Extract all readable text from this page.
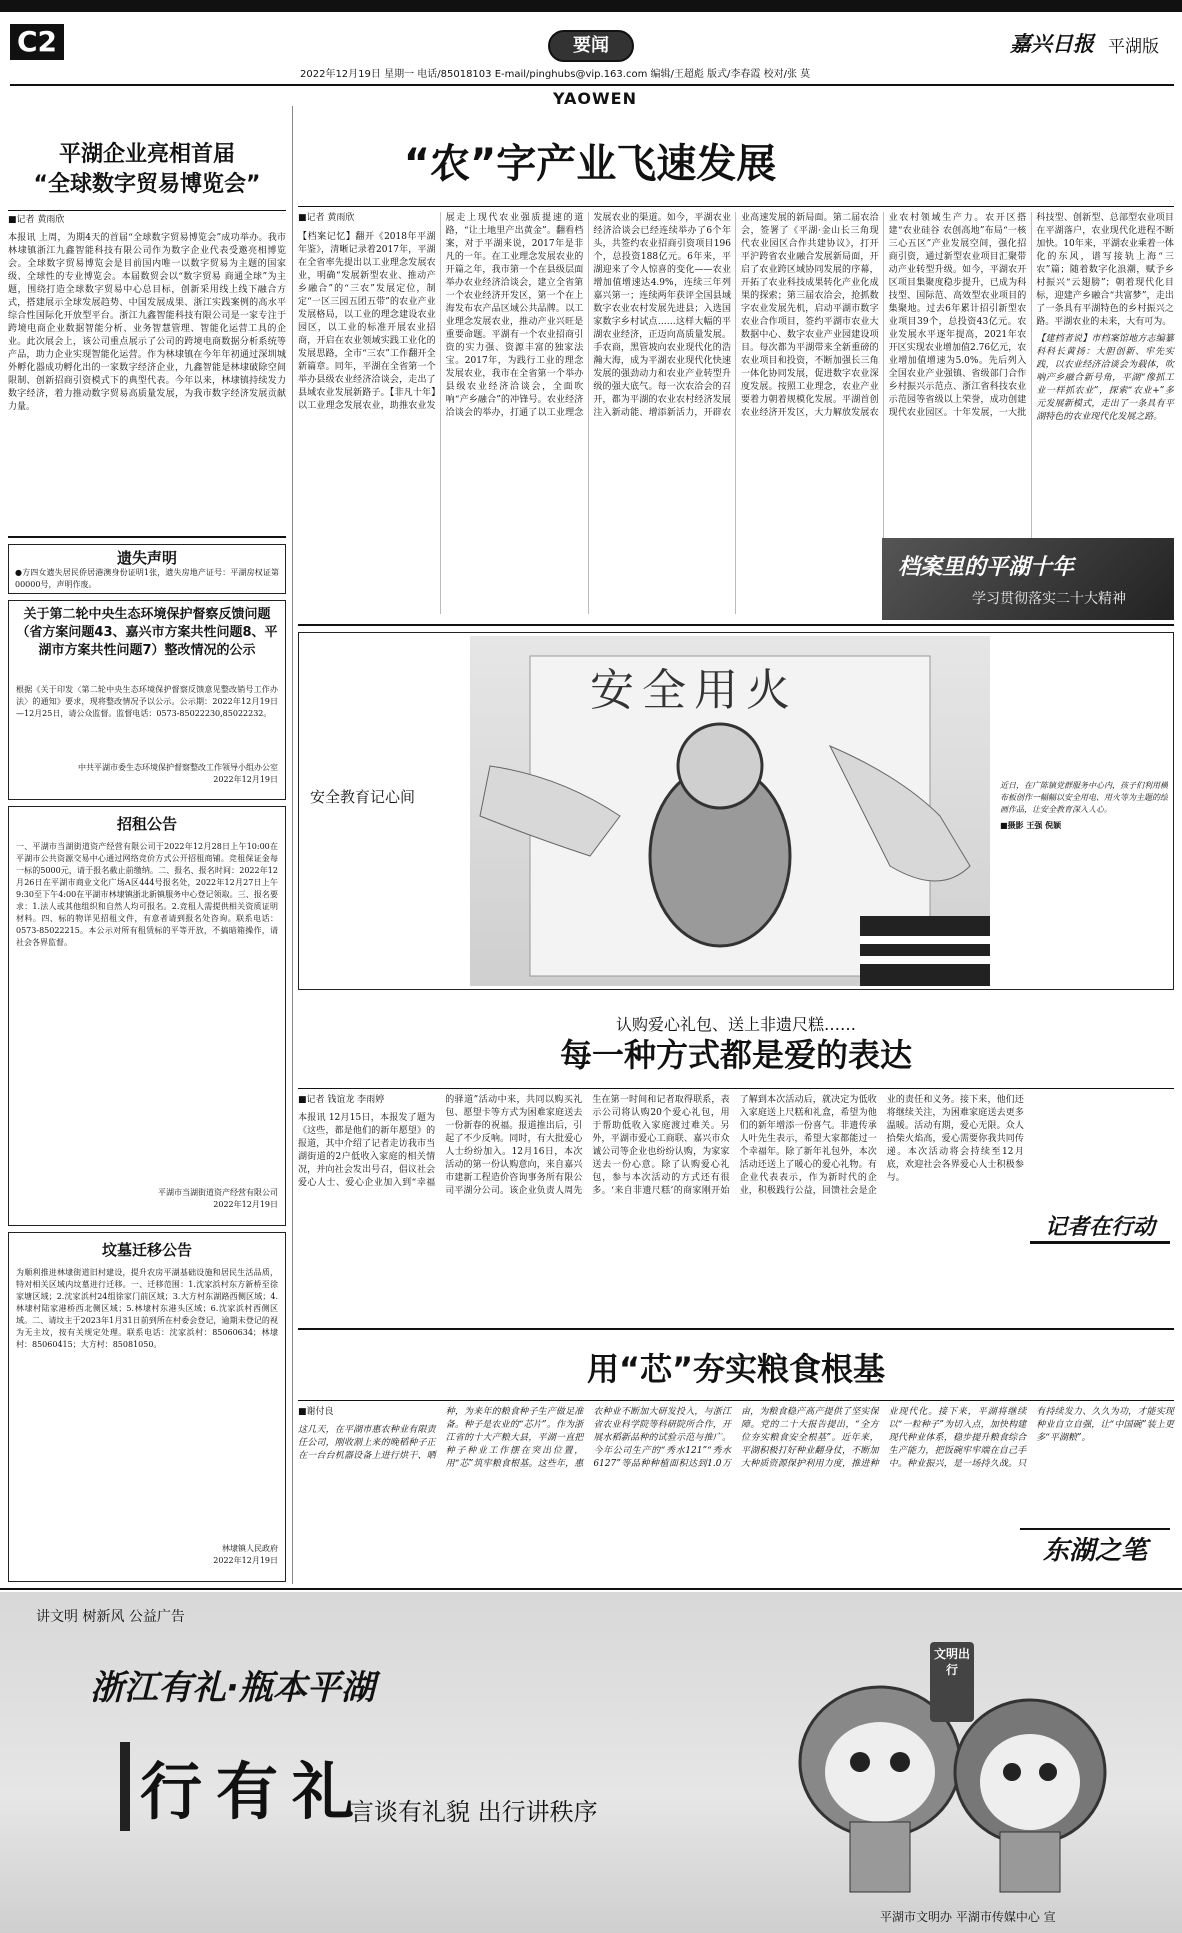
C2	要闻
2022年12月19日 星期一 电话/85018103 E-mail/pinghubs@vip.163.com 编辑/王超彪 版式/李春霞 校对/张 莫
嘉兴日报 平湖版
YAOWEN
平湖企业亮相首届
“全球数字贸易博览会”
■记者 黄雨欣
本报讯 上周，为期4天的首届“全球数字贸易博览会”成功举办。我市林埭镇浙江九鑫智能科技有限公司作为数字企业代表受邀亮相博览会。全球数字贸易博览会是目前国内唯一以数字贸易为主题的国家级、全球性的专业博览会。本届数贸会以“数字贸易 商通全球”为主题，围绕打造全球数字贸易中心总目标，创新采用线上线下融合方式，搭建展示全球发展趋势、中国发展成果、浙江实践案例的高水平综合性国际化开放型平台。浙江九鑫智能科技有限公司是一家专注于跨境电商企业数据智能分析、业务智慧管理、智能化运营工具的企业。此次展会上，该公司重点展示了公司的跨境电商数据分析系统等产品，助力企业实现智能化运营。作为林埭镇在今年年初通过深圳城外孵化器成功孵化出的一家数字经济企业，九鑫智能是林埭破除空间限制、创新招商引资模式下的典型代表。今年以来，林埭镇持续发力数字经济，着力推动数字贸易高质量发展，为我市数字经济发展贡献力量。
遗失声明
●方四女遗失居民侨居港澳身份证明1张，遗失房地产证号：平湖房权证第00000号，声明作废。
关于第二轮中央生态环境保护督察反馈问题（省方案问题43、嘉兴市方案共性问题8、平湖市方案共性问题7）整改情况的公示
根据《关于印发〈第二轮中央生态环境保护督察反馈意见整改销号工作办法〉的通知》要求，现将整改情况予以公示。公示期：2022年12月19日—12月25日，请公众监督。监督电话：0573-85022230,85022232。
中共平湖市委生态环境保护督察整改工作领导小组办公室
2022年12月19日
招租公告
一、平湖市当湖街道资产经营有限公司于2022年12月28日上午10:00在平湖市公共资源交易中心通过网络竞价方式公开招租商铺。竞租保证金每一标的5000元，请于报名截止前缴纳。二、报名、报名时间：2022年12月26日在平湖市商业文化广场A区444号报名处，2022年12月27日上午9:30至下午4:00在平湖市林埭镇浙北新镇服务中心登记领取。三、报名要求：1.法人或其他组织和自然人均可报名。2.竞租人需提供相关资质证明材料。四、标的物详见招租文件，有意者请到报名处咨询。联系电话：0573-85022215。本公示对所有租赁标的平等开放，不搞暗箱操作，请社会各界监督。
平湖市当湖街道资产经营有限公司
2022年12月19日
坟墓迁移公告
为顺利推进林埭街道旧村建设，提升农房平湖基础设施和居民生活品质，特对相关区域内坟墓进行迁移。一、迁移范围：1.沈家浜村东方新桥至徐家塘区域；2.沈家浜村24组徐家门前区域；3.大方村东湖路西侧区域；4.林埭村陆家港桥西北侧区域；5.林埭村东港头区域；6.沈家浜村西侧区域。二、请坟主于2023年1月31日前到所在村委会登记，逾期未登记的视为无主坟，按有关规定处理。联系电话：沈家浜村：85060634；林埭村：85060415；大方村：85081050。
林埭镇人民政府
2022年12月19日
“农”字产业飞速发展
■记者 黄雨欣
【档案记忆】翻开《2018年平湖年鉴》，清晰记录着2017年，平湖在全省率先提出以工业理念发展农业，明确“发展新型农业、推动产乡融合”的“三农”发展定位，制定“一区三园五团五带”的农业产业发展格局，以工业的理念建设农业园区，以工业的标准开展农业招商，开启在农业领域实践工业化的发展思路，全市“三农”工作翻开全新篇章。同年，平湖在全省第一个举办县级农业经济洽谈会，走出了县域农业发展新路子。【非凡十年】以工业理念发展农业，助推农业发展走上现代农业强质提速的道路，“让土地里产出黄金”。翻看档案，对于平湖来说，2017年是非凡的一年。在工业理念发展农业的开篇之年，我市第一个在县级层面举办农业经济洽谈会，建立全省第一个农业经济开发区，第一个在上海发布农产品区域公共品牌。以工业理念发展农业，推动产业兴旺是重要命题。平湖有一个农业招商引资的实力强、资源丰富的独家法宝。2017年，为践行工业的理念发展农业，我市在全省第一个举办县级农业经济洽谈会，全面吹响“产乡融合”的冲锋号。农业经济洽谈会的举办，打通了以工业理念发展农业的渠道。如今，平湖农业经济洽谈会已经连续举办了6个年头，共签约农业招商引资项目196个，总投资188亿元。6年来，平湖迎来了令人惊喜的变化——农业增加值增速达4.9%，连续三年列嘉兴第一；连续两年获评全国县域数字农业农村发展先进县；入选国家数字乡村试点……这样大幅的平湖农业经济，正迈向高质量发展。手农商，黑管坡向农业现代化的浩瀚大海，成为平湖农业现代化快速发展的强劲动力和农业产业转型升级的强大底气。每一次农洽会的召开，都为平湖的农业农村经济发展注入新动能、增添新活力，开辟农业高速发展的新局面。第二届农洽会，签署了《平湖·金山长三角现代农业园区合作共建协议》，打开平沪跨省农业融合发展新局面，开启了农业跨区域协同发展的序幕，开拓了农业科技成果转化产业化成果的探索；第三届农洽会，抢抓数字农业发展先机，启动平湖市数字农业合作项目，签约平湖市农业大数据中心、数字农业产业园建设项目。每次都为平湖带来全新重磅的农业项目和投资，不断加强长三角一体化协同发展，促进数字农业深度发展。按照工业理念，农业产业要着力朝着规模化发展。平湖首创农业经济开发区，大力解放发展农业农村领域生产力。农开区搭建“农业硅谷 农创高地”布局“一核三心五区”产业发展空间，强化招商引资，通过新型农业项目汇聚带动产业转型升级。如今，平湖农开区项目集聚度稳步提升，已成为科技型、国际范、高效型农业项目的集聚地。过去6年累计招引新型农业项目39个，总投资43亿元。农业发展水平逐年提高，2021年农开区实现农业增加值2.76亿元，农业增加值增速为5.0%。先后列入全国农业产业强镇、省级部门合作乡村振兴示范点、浙江省科技农业示范园等省级以上荣誉，成功创建现代农业园区。十年发展，一大批科技型、创新型、总部型农业项目在平湖落户，农业现代化进程不断加快。10年来，平湖农业乘着一体化的东风，谱写接轨上海“三农”篇；随着数字化浪潮，赋予乡村振兴“云翅膀”；朝着现代化目标，迎建产乡融合“共富梦”，走出了一条具有平湖特色的乡村振兴之路。平湖农业的未来，大有可为。
【建档者说】市档案馆地方志编纂科科长黄扬：大胆创新、牢先实践，以农业经济洽谈会为载体，吹响产乡融合新号角，平湖“像抓工业一样抓农业”，探索“农业+”多元发展新模式，走出了一条具有平湖特色的农业现代化发展之路。
档案里的平湖十年
学习贯彻落实二十大精神
安全教育记心间
安全用火
近日，在广陈镇党群服务中心内，孩子们利用横布板创作一幅幅以安全用电、用火等为主题的绘画作品，让安全教育深入人心。
■摄影 王强 倪颖
认购爱心礼包、送上非遗尺糕……
每一种方式都是爱的表达
■记者 钱谊龙 李雨婷
本报讯 12月15日，本报发了题为《这些，都是他们的新年愿望》的报道，其中介绍了记者走访我市当湖街道的2户低收入家庭的相关情况，并向社会发出号召，倡议社会爱心人士、爱心企业加入到“幸福的驿道”活动中来，共同以购买礼包、愿望卡等方式为困难家庭送去一份新春的祝福。报道推出后，引起了不少反响。同时，有大批爱心人士纷纷加入。12月16日，本次活动的第一份认购意向，来自嘉兴市建新工程造价咨询事务所有限公司平湖分公司。该企业负责人周先生在第一时间和记者取得联系，表示公司将认购20个爱心礼包，用于帮助低收入家庭渡过难关。另外，平湖市爱心工商联、嘉兴市众诚公司等企业也纷纷认购，为家家送去一份心意。除了认购爱心礼包，参与本次活动的方式还有很多。‘来自非遗尺糕’的商家刚开始了解到本次活动后，就决定为低收入家庭送上尺糕和礼盒，希望为他们的新年增添一份喜气。非遗传承人叶先生表示，希望大家都能过一个幸福年。除了新年礼包外，本次活动还送上了暖心的爱心礼物。有企业代表表示，作为新时代的企业，积极践行公益，回馈社会是企业的责任和义务。接下来，他们还将继续关注，为困难家庭送去更多温暖。活动有期，爱心无限。众人拾柴火焰高，爱心需要你我共同传递。本次活动将会持续至12月底，欢迎社会各界爱心人士积极参与。
记者在行动
用“芯”夯实粮食根基
■谢付良
这几天，在平湖市惠农种业有限责任公司，刚收割上来的晚稻种子正在一台台机器设备上进行烘干、晒种，为来年的粮食种子生产做足准备。种子是农业的“芯片”。作为浙江省的十大产粮大县，平湖一直把种子种业工作摆在突出位置，用“芯”筑牢粮食根基。这些年，惠农种业不断加大研发投入，与浙江省农业科学院等科研院所合作，开展水稻新品种的试验示范与推广。今年公司生产的“秀水121”“秀水6127”等品种种植面积达到1.0万亩，为粮食稳产高产提供了坚实保障。党的二十大报告提出，“全方位夯实粮食安全根基”。近年来，平湖积极打好种业翻身仗，不断加大种质资源保护利用力度，推进种业现代化。接下来，平湖将继续以“一粒种子”为切入点，加快构建现代种业体系，稳步提升粮食综合生产能力，把饭碗牢牢端在自己手中。种业振兴，是一场持久战。只有持续发力、久久为功，才能实现种业自立自强，让“中国碗”装上更多“平湖粮”。
东湖之笔
讲文明 树新风 公益广告
浙江有礼·瓶本平湖
行有礼
言谈有礼貌 出行讲秩序
文明出行
平湖市文明办 平湖市传媒中心 宣
